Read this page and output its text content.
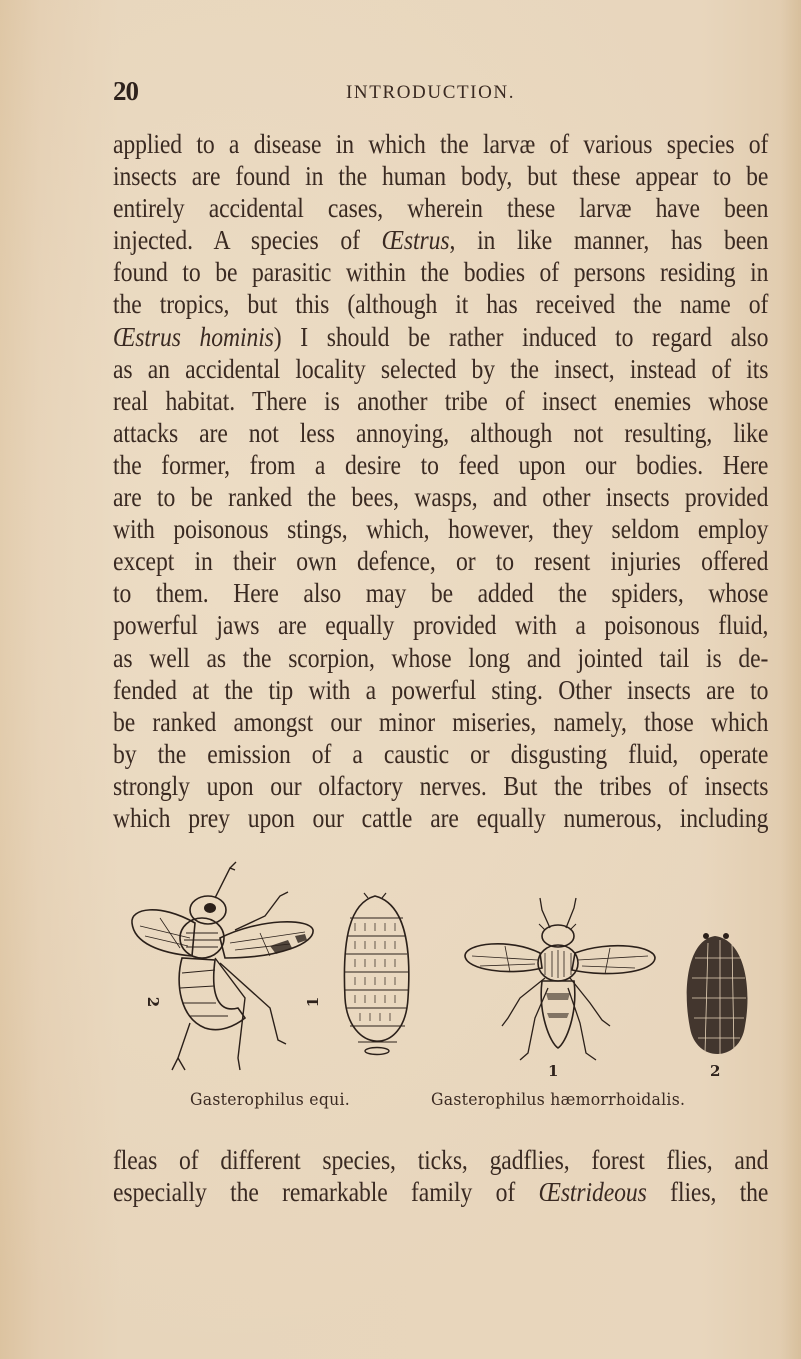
20	INTRODUCTION.
applied to a disease in which the larvæ of various species of
insects are found in the human body, but these appear to be
entirely accidental cases, wherein these larvæ have been
injected. A species of Œstrus, in like manner, has been
found to be parasitic within the bodies of persons residing in
the tropics, but this (although it has received the name of
Œstrus hominis) I should be rather induced to regard also
as an accidental locality selected by the insect, instead of its
real habitat. There is another tribe of insect enemies whose
attacks are not less annoying, although not resulting, like
the former, from a desire to feed upon our bodies. Here
are to be ranked the bees, wasps, and other insects provided
with poisonous stings, which, however, they seldom employ
except in their own defence, or to resent injuries offered
to them. Here also may be added the spiders, whose
powerful jaws are equally provided with a poisonous fluid,
as well as the scorpion, whose long and jointed tail is de-
fended at the tip with a powerful sting. Other insects are to
be ranked amongst our minor miseries, namely, those which
by the emission of a caustic or disgusting fluid, operate
strongly upon our olfactory nerves. But the tribes of insects
which prey upon our cattle are equally numerous, including
2	1
1	2
Gasterophilus equi.	Gasterophilus hæmorrhoidalis.
fleas of different species, ticks, gadflies, forest flies, and
especially the remarkable family of Œstrideous flies, the
